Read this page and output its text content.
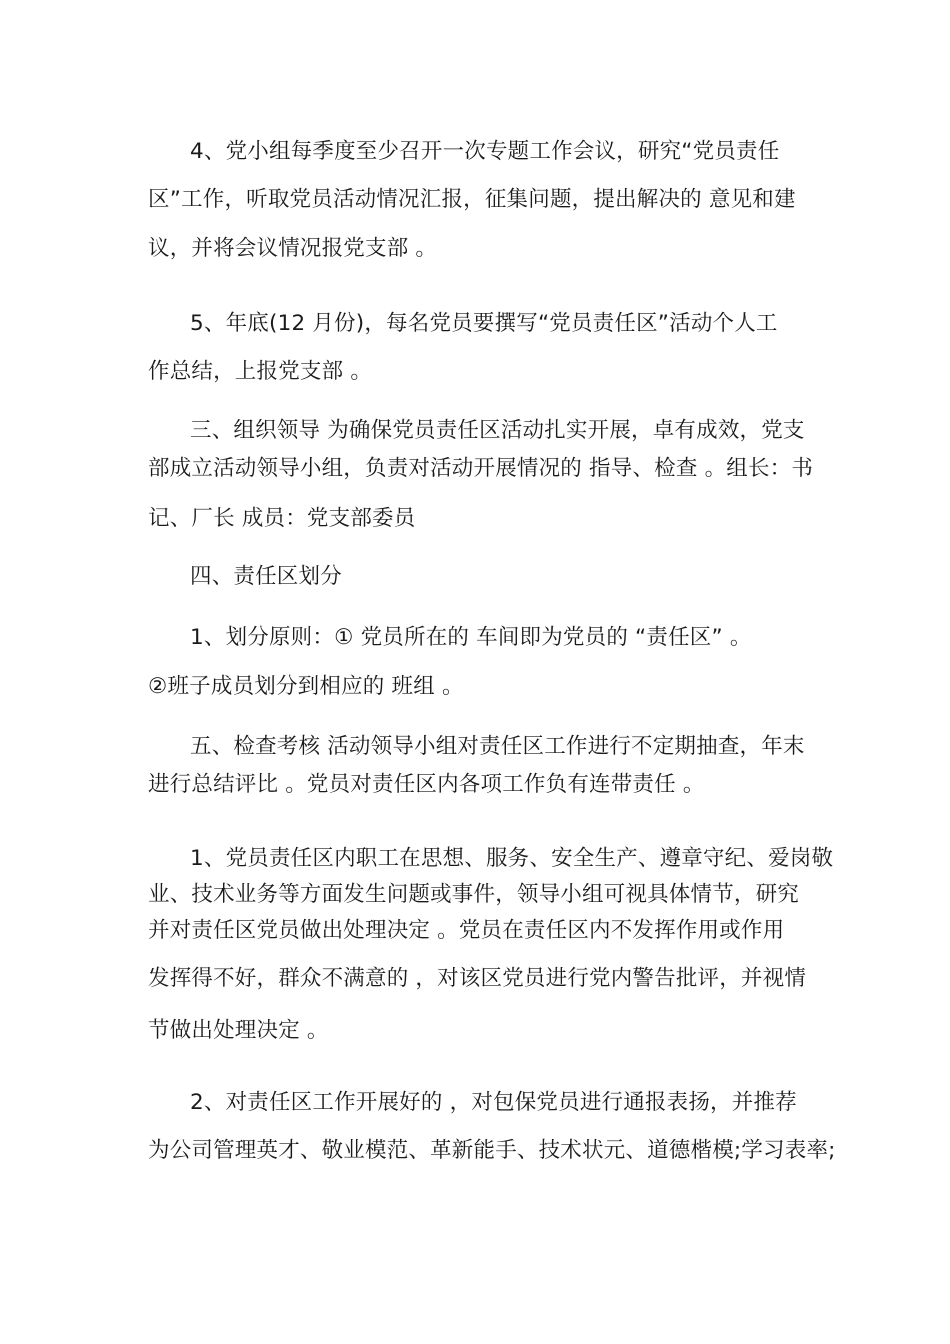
4、党小组每季度至少召开一次专题工作会议，研究“党员责任

区”工作，听取党员活动情况汇报，征集问题，提出解决的 意见和建

议，并将会议情况报党支部 。

5、年底(12 月份)，每名党员要撰写“党员责任区”活动个人工

作总结，上报党支部 。

三、组织领导 为确保党员责任区活动扎实开展，卓有成效，党支

部成立活动领导小组，负责对活动开展情况的 指导、检查 。组长：书

记、厂长 成员：党支部委员

四、责任区划分

1、划分原则：① 党员所在的 车间即为党员的 “责任区” 。

②班子成员划分到相应的 班组 。

五、检查考核 活动领导小组对责任区工作进行不定期抽查，年末

进行总结评比 。党员对责任区内各项工作负有连带责任 。

1、党员责任区内职工在思想、服务、安全生产、遵章守纪、爱岗敬

业、技术业务等方面发生问题或事件，领导小组可视具体情节，研究

并对责任区党员做出处理决定 。党员在责任区内不发挥作用或作用

发挥得不好，群众不满意的 ，对该区党员进行党内警告批评，并视情

节做出处理决定 。

2、对责任区工作开展好的 ，对包保党员进行通报表扬，并推荐

为公司管理英才、敬业模范、革新能手、技术状元、道德楷模;学习表率;
